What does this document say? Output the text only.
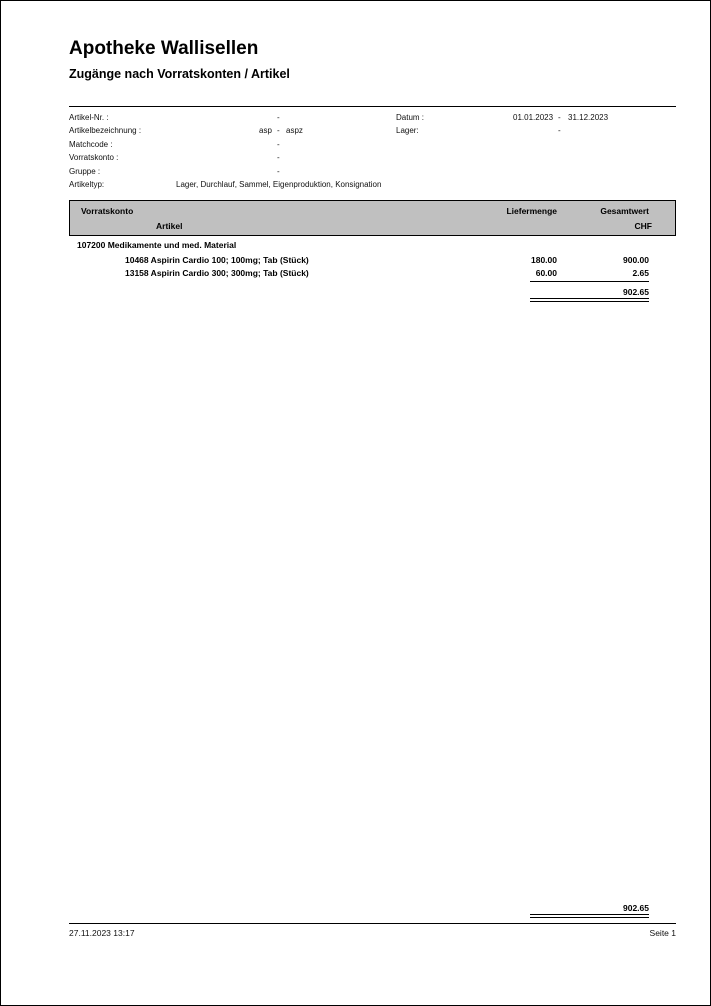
Apotheke Wallisellen
Zugänge nach Vorratskonten / Artikel
Artikel-Nr. :	-
Artikelbezeichnung :	asp - aspz
Matchcode :	-
Vorratskonto :	-
Gruppe :	-
Artikeltyp:	Lager, Durchlauf, Sammel, Eigenproduktion, Konsignation
Datum :	01.01.2023 - 31.12.2023
Lager:	-
Vorratskonto
Artikel
Liefermenge	Gesamtwert
CHF
107200 Medikamente und med. Material
10468 Aspirin Cardio 100; 100mg; Tab (Stück)	180.00	900.00
13158 Aspirin Cardio 300; 300mg; Tab (Stück)	60.00	2.65
902.65
902.65
27.11.2023 13:17	Seite 1
